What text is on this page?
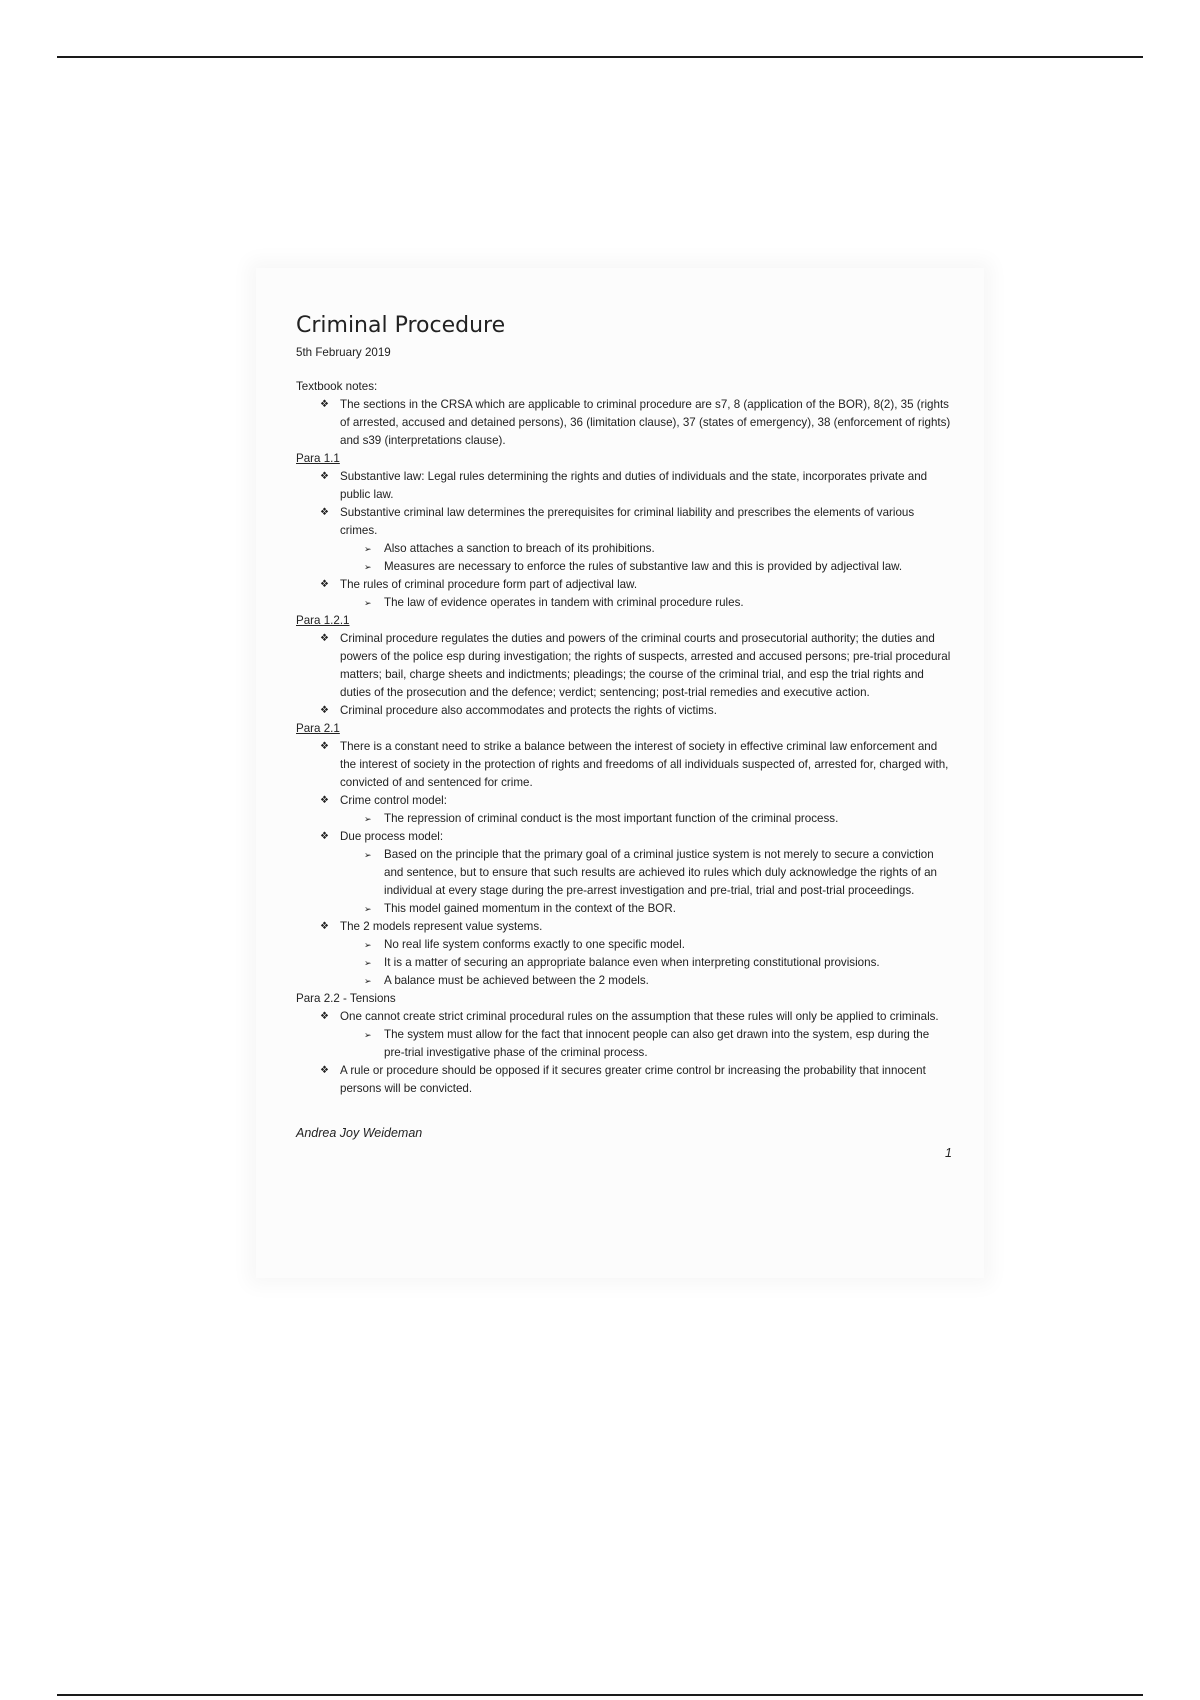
Criminal Procedure
5th February 2019
Textbook notes:
❖ The sections in the CRSA which are applicable to criminal procedure are s7, 8 (application of the BOR), 8(2), 35 (rights of arrested, accused and detained persons), 36 (limitation clause), 37 (states of emergency), 38 (enforcement of rights) and s39 (interpretations clause).
Para 1.1
❖ Substantive law: Legal rules determining the rights and duties of individuals and the state, incorporates private and public law.
❖ Substantive criminal law determines the prerequisites for criminal liability and prescribes the elements of various crimes.
➢ Also attaches a sanction to breach of its prohibitions.
➢ Measures are necessary to enforce the rules of substantive law and this is provided by adjectival law.
❖ The rules of criminal procedure form part of adjectival law.
➢ The law of evidence operates in tandem with criminal procedure rules.
Para 1.2.1
❖ Criminal procedure regulates the duties and powers of the criminal courts and prosecutorial authority; the duties and powers of the police esp during investigation; the rights of suspects, arrested and accused persons; pre-trial procedural matters; bail, charge sheets and indictments; pleadings; the course of the criminal trial, and esp the trial rights and duties of the prosecution and the defence; verdict; sentencing; post-trial remedies and executive action.
❖ Criminal procedure also accommodates and protects the rights of victims.
Para 2.1
❖ There is a constant need to strike a balance between the interest of society in effective criminal law enforcement and the interest of society in the protection of rights and freedoms of all individuals suspected of, arrested for, charged with, convicted of and sentenced for crime.
❖ Crime control model:
➢ The repression of criminal conduct is the most important function of the criminal process.
❖ Due process model:
➢ Based on the principle that the primary goal of a criminal justice system is not merely to secure a conviction and sentence, but to ensure that such results are achieved ito rules which duly acknowledge the rights of an individual at every stage during the pre-arrest investigation and pre-trial, trial and post-trial proceedings.
➢ This model gained momentum in the context of the BOR.
❖ The 2 models represent value systems.
➢ No real life system conforms exactly to one specific model.
➢ It is a matter of securing an appropriate balance even when interpreting constitutional provisions.
➢ A balance must be achieved between the 2 models.
Para 2.2 - Tensions
❖ One cannot create strict criminal procedural rules on the assumption that these rules will only be applied to criminals.
➢ The system must allow for the fact that innocent people can also get drawn into the system, esp during the pre-trial investigative phase of the criminal process.
❖ A rule or procedure should be opposed if it secures greater crime control br increasing the probability that innocent persons will be convicted.
Andrea Joy Weideman
1
